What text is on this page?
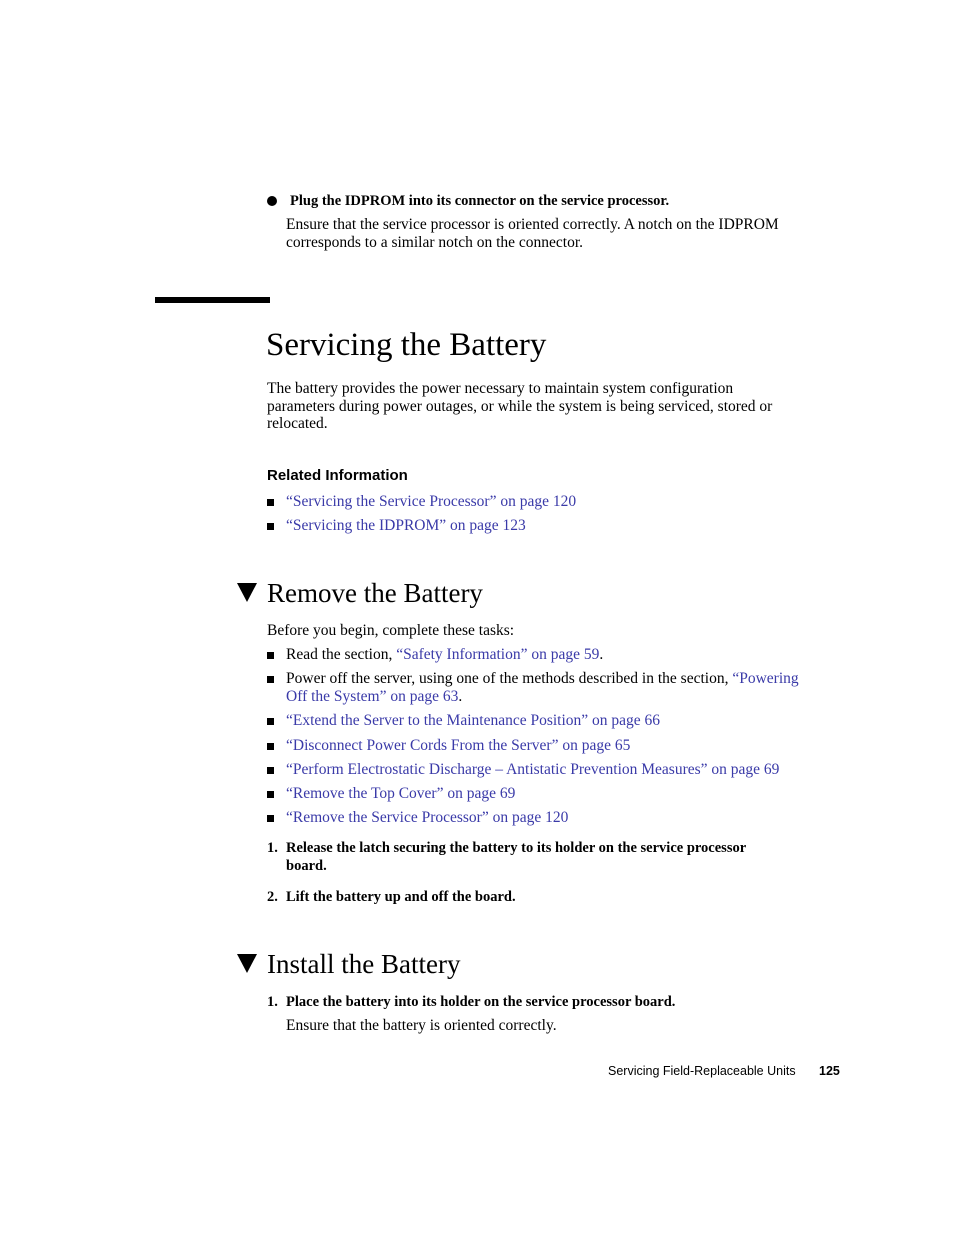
Plug the IDPROM into its connector on the service processor.
Ensure that the service processor is oriented correctly. A notch on the IDPROM
corresponds to a similar notch on the connector.
Servicing the Battery
The battery provides the power necessary to maintain system configuration
parameters during power outages, or while the system is being serviced, stored or
relocated.
Related Information
“Servicing the Service Processor” on page 120
“Servicing the IDPROM” on page 123
Remove the Battery
Before you begin, complete these tasks:
Read the section, “Safety Information” on page 59.
Power off the server, using one of the methods described in the section, “Powering
Off the System” on page 63.
“Extend the Server to the Maintenance Position” on page 66
“Disconnect Power Cords From the Server” on page 65
“Perform Electrostatic Discharge – Antistatic Prevention Measures” on page 69
“Remove the Top Cover” on page 69
“Remove the Service Processor” on page 120
1. Release the latch securing the battery to its holder on the service processor
board.
2. Lift the battery up and off the board.
Install the Battery
1. Place the battery into its holder on the service processor board.
Ensure that the battery is oriented correctly.
Servicing Field-Replaceable Units 125
